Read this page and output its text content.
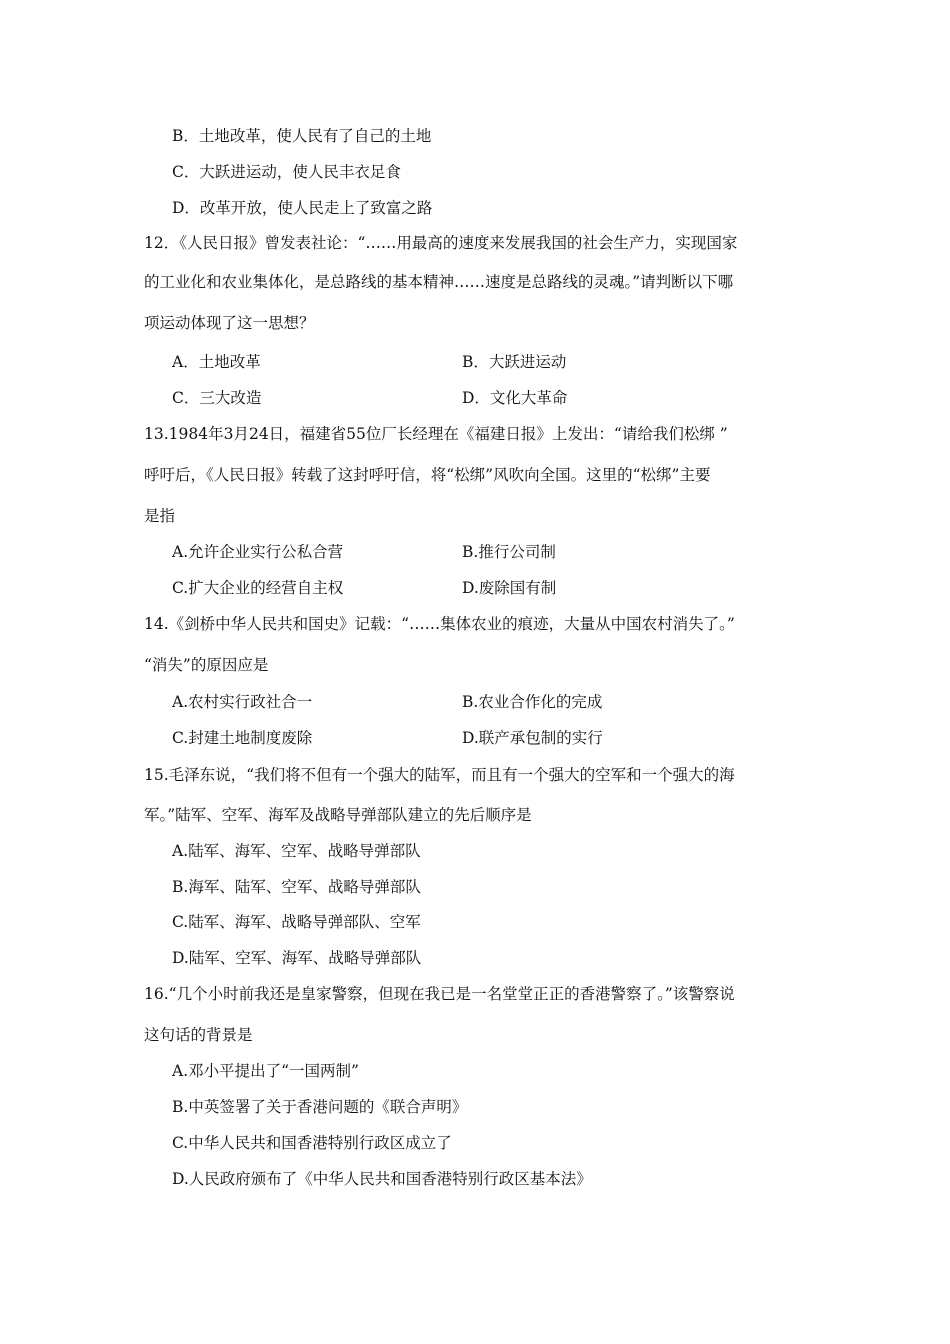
B．土地改革，使人民有了自己的土地
C．大跃进运动，使人民丰衣足食
D．改革开放，使人民走上了致富之路
12．《人民日报》曾发表社论：“……用最高的速度来发展我国的社会生产力，实现国家
的工业化和农业集体化，是总路线的基本精神……速度是总路线的灵魂。”请判断以下哪
项运动体现了这一思想？
A．土地改革	B．大跃进运动
C．三大改造	D．文化大革命
13.1984年3月24日，福建省55位厂长经理在《福建日报》上发出：“请给我们松绑 ”
呼吁后，《人民日报》转载了这封呼吁信，将“松绑”风吹向全国。这里的“松绑”主要
是指
A.允许企业实行公私合营	B.推行公司制
C.扩大企业的经营自主权	D.废除国有制
14.《剑桥中华人民共和国史》记载：“……集体农业的痕迹，大量从中国农村消失了。”
“消失”的原因应是
A.农村实行政社合一	B.农业合作化的完成
C.封建土地制度废除	D.联产承包制的实行
15.毛泽东说，“我们将不但有一个强大的陆军，而且有一个强大的空军和一个强大的海
军。”陆军、空军、海军及战略导弹部队建立的先后顺序是
A.陆军、海军、空军、战略导弹部队
B.海军、陆军、空军、战略导弹部队
C.陆军、海军、战略导弹部队、空军
D.陆军、空军、海军、战略导弹部队
16.“几个小时前我还是皇家警察，但现在我已是一名堂堂正正的香港警察了。”该警察说
这句话的背景是
A.邓小平提出了“一国两制”
B.中英签署了关于香港问题的《联合声明》
C.中华人民共和国香港特别行政区成立了
D.人民政府颁布了《中华人民共和国香港特别行政区基本法》
